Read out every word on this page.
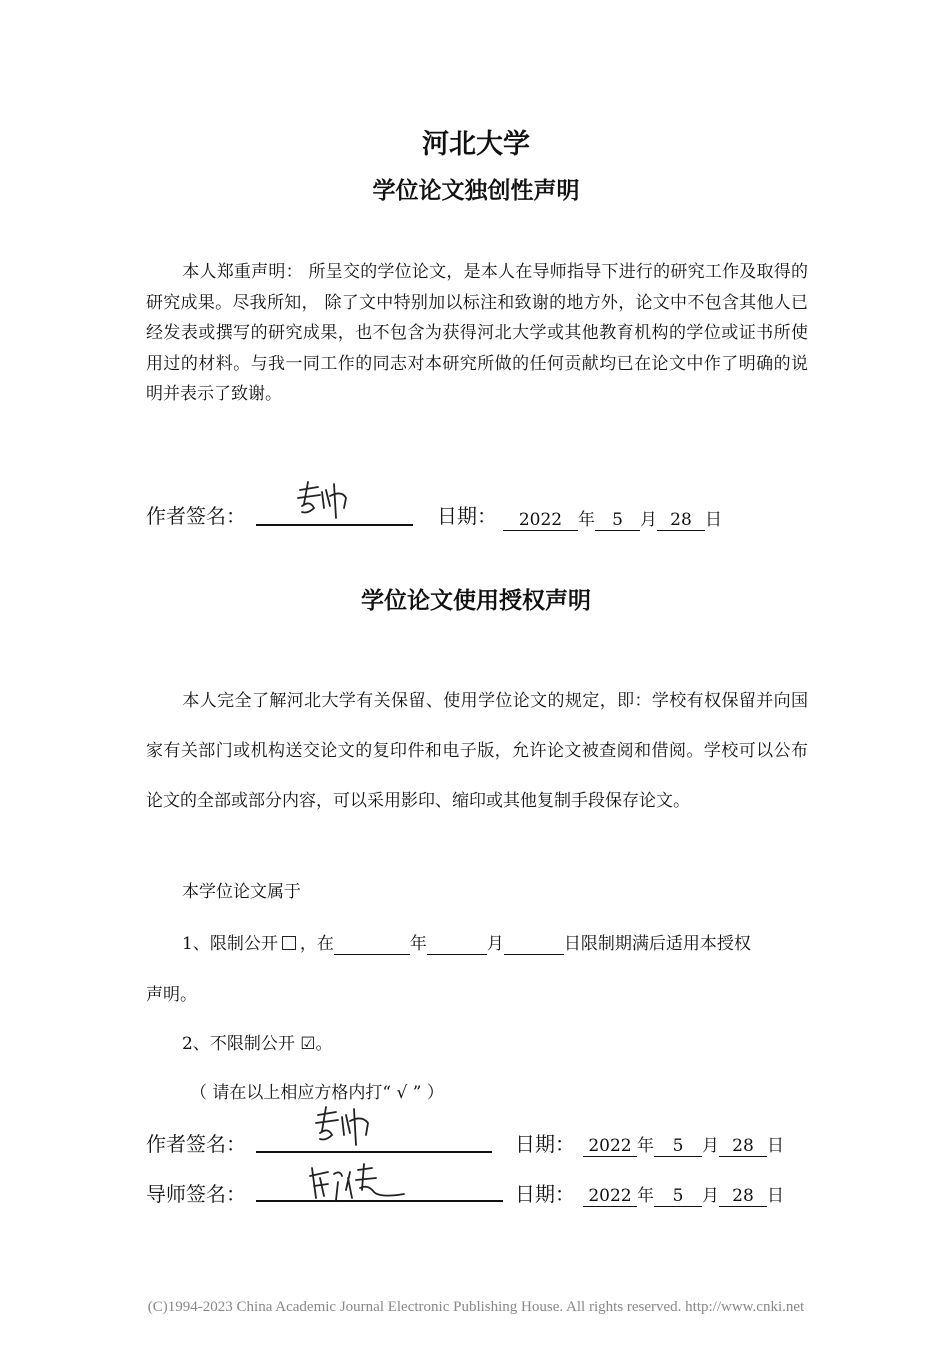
河北大学
学位论文独创性声明
本人郑重声明： 所呈交的学位论文，是本人在导师指导下进行的研究工作及取得的研究成果。尽我所知， 除了文中特别加以标注和致谢的地方外，论文中不包含其他人已经发表或撰写的研究成果，也不包含为获得河北大学或其他教育机构的学位或证书所使用过的材料。与我一同工作的同志对本研究所做的任何贡献均已在论文中作了明确的说明并表示了致谢。
作者签名：	日期：	2022 年 5 月 28 日
学位论文使用授权声明
本人完全了解河北大学有关保留、使用学位论文的规定，即：学校有权保留并向国家有关部门或机构送交论文的复印件和电子版，允许论文被查阅和借阅。学校可以公布论文的全部或部分内容，可以采用影印、缩印或其他复制手段保存论文。
本学位论文属于
1、限制公开 ，在	年	月	日限制期满后适用本授权
声明。
2、不限制公开 ☑。
（ 请在以上相应方格内打“ √ ” ）
作者签名：	日期： 2022 年 5 月 28 日
导师签名：	日期： 2022 年 5 月 28 日
(C)1994-2023 China Academic Journal Electronic Publishing House. All rights reserved. http://www.cnki.net
